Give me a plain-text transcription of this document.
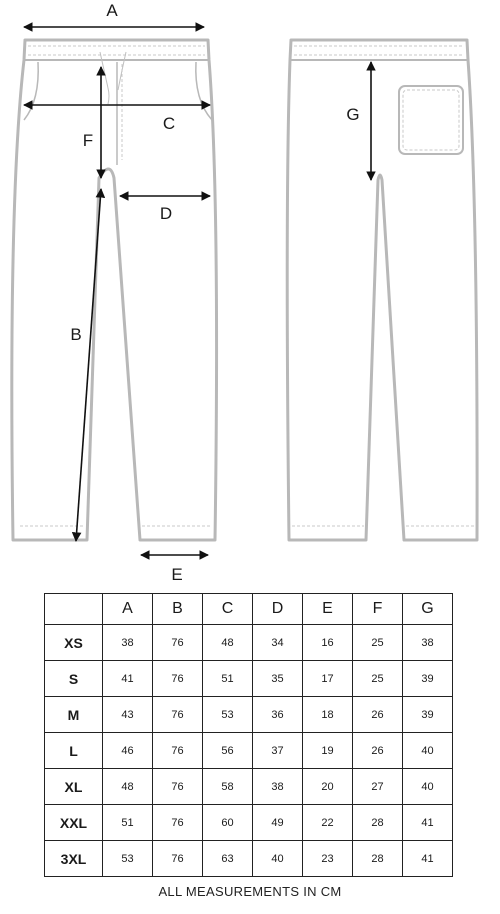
A
C
F
D
B
E
G
	A	B	C	D	E	F	G
XS	38	76	48	34	16	25	38
S	41	76	51	35	17	25	39
M	43	76	53	36	18	26	39
L	46	76	56	37	19	26	40
XL	48	76	58	38	20	27	40
XXL	51	76	60	49	22	28	41
3XL	53	76	63	40	23	28	41
ALL MEASUREMENTS IN CM
